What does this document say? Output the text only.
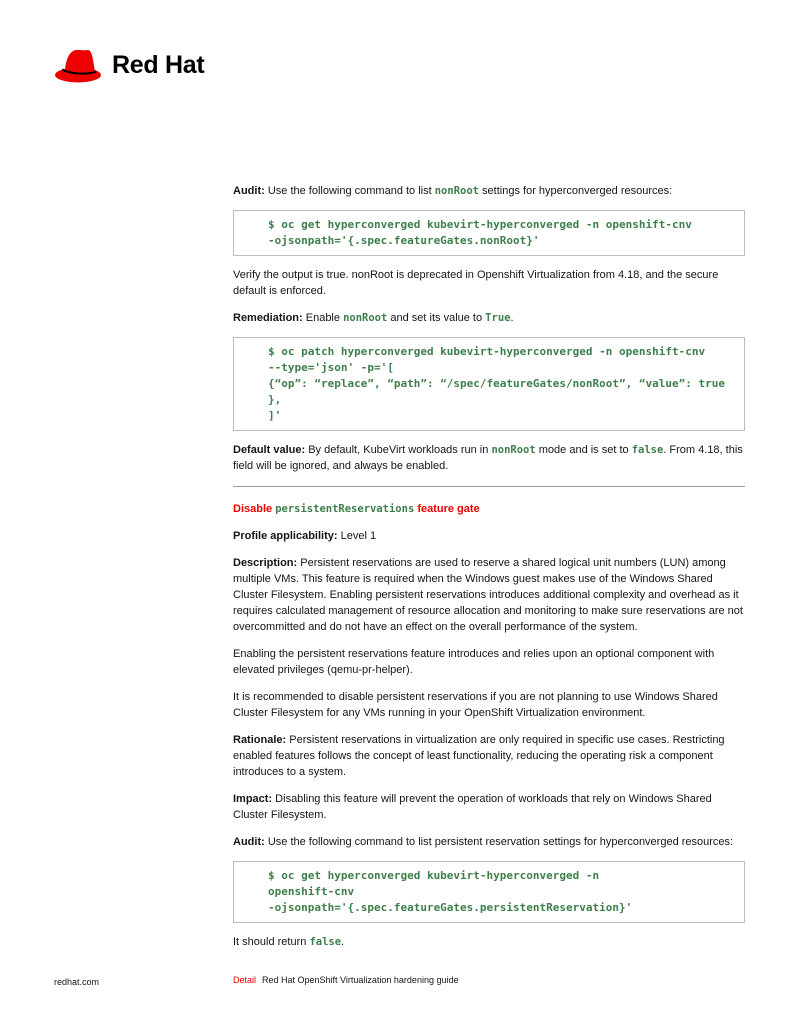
Red Hat

Audit: Use the following command to list nonRoot settings for hyperconverged resources:

$ oc get hyperconverged kubevirt-hyperconverged -n openshift-cnv
-ojsonpath='{.spec.featureGates.nonRoot}'

Verify the output is true. nonRoot is deprecated in Openshift Virtualization from 4.18, and the secure default is enforced.

Remediation: Enable nonRoot and set its value to True.

$ oc patch hyperconverged kubevirt-hyperconverged -n openshift-cnv
--type='json' -p='[
{“op”: “replace”, “path”: “/spec/featureGates/nonRoot”, “value”: true
},
]'

Default value: By default, KubeVirt workloads run in nonRoot mode and is set to false. From 4.18, this field will be ignored, and always be enabled.

Disable persistentReservations feature gate

Profile applicability: Level 1

Description: Persistent reservations are used to reserve a shared logical unit numbers (LUN) among multiple VMs. This feature is required when the Windows guest makes use of the Windows Shared Cluster Filesystem. Enabling persistent reservations introduces additional complexity and overhead as it requires calculated management of resource allocation and monitoring to make sure reservations are not overcommitted and do not have an effect on the overall performance of the system.

Enabling the persistent reservations feature introduces and relies upon an optional component with elevated privileges (qemu-pr-helper).

It is recommended to disable persistent reservations if you are not planning to use Windows Shared Cluster Filesystem for any VMs running in your OpenShift Virtualization environment.

Rationale: Persistent reservations in virtualization are only required in specific use cases. Restricting enabled features follows the concept of least functionality, reducing the operating risk a component introduces to a system.

Impact: Disabling this feature will prevent the operation of workloads that rely on Windows Shared Cluster Filesystem.

Audit: Use the following command to list persistent reservation settings for hyperconverged resources:

$ oc get hyperconverged kubevirt-hyperconverged -n
openshift-cnv
-ojsonpath='{.spec.featureGates.persistentReservation}'

It should return false.

redhat.com	Detail Red Hat OpenShift Virtualization hardening guide
